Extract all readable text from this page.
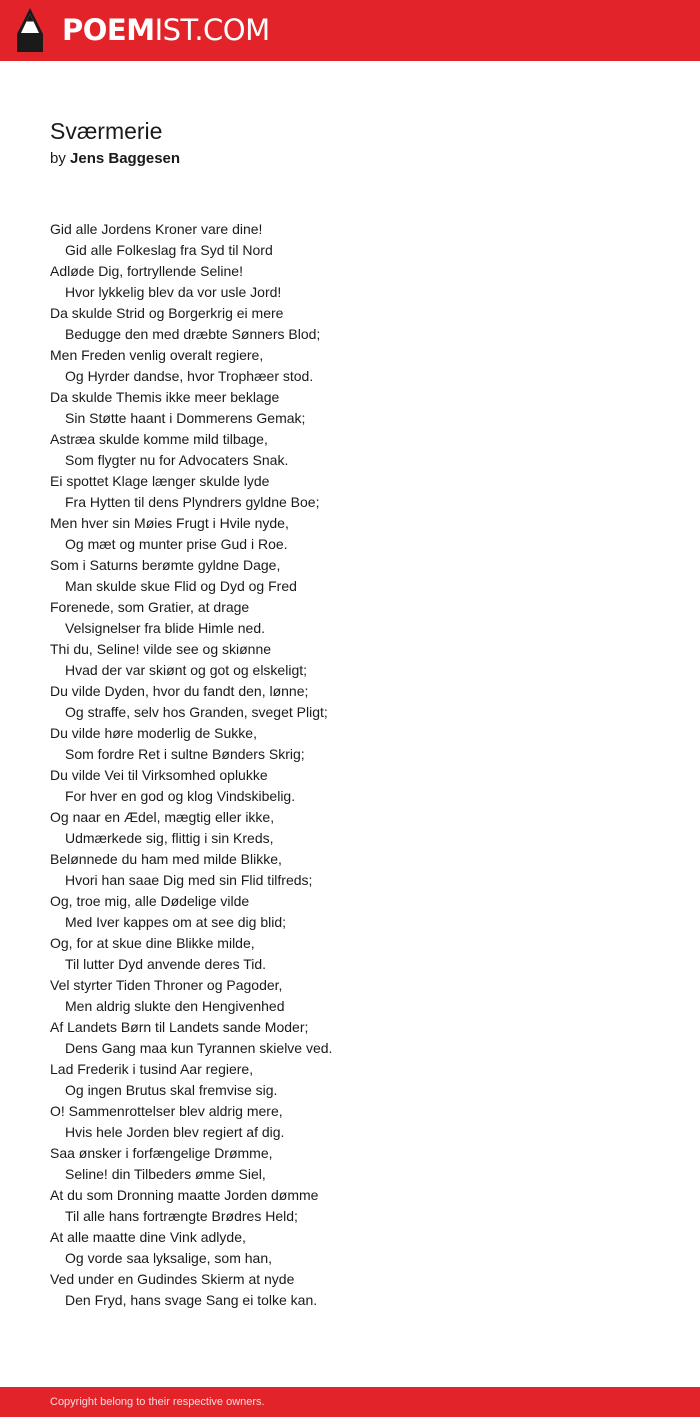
POEMIST.COM
Sværmerie
by Jens Baggesen
Gid alle Jordens Kroner vare dine!
Gid alle Folkeslag fra Syd til Nord
Adløde Dig, fortryllende Seline!
Hvor lykkelig blev da vor usle Jord!
Da skulde Strid og Borgerkrig ei mere
Bedugge den med dræbte Sønners Blod;
Men Freden venlig overalt regiere,
Og Hyrder dandse, hvor Trophæer stod.
Da skulde Themis ikke meer beklage
Sin Støtte haant i Dommerens Gemak;
Astræa skulde komme mild tilbage,
Som flygter nu for Advocaters Snak.
Ei spottet Klage længer skulde lyde
Fra Hytten til dens Plyndrers gyldne Boe;
Men hver sin Møies Frugt i Hvile nyde,
Og mæt og munter prise Gud i Roe.
Som i Saturns berømte gyldne Dage,
Man skulde skue Flid og Dyd og Fred
Forenede, som Gratier, at drage
Velsignelser fra blide Himle ned.
Thi du, Seline! vilde see og skiønne
Hvad der var skiønt og got og elskeligt;
Du vilde Dyden, hvor du fandt den, lønne;
Og straffe, selv hos Granden, sveget Pligt;
Du vilde høre moderlig de Sukke,
Som fordre Ret i sultne Bønders Skrig;
Du vilde Vei til Virksomhed oplukke
For hver en god og klog Vindskibelig.
Og naar en Ædel, mægtig eller ikke,
Udmærkede sig, flittig i sin Kreds,
Belønnede du ham med milde Blikke,
Hvori han saae Dig med sin Flid tilfreds;
Og, troe mig, alle Dødelige vilde
Med Iver kappes om at see dig blid;
Og, for at skue dine Blikke milde,
Til lutter Dyd anvende deres Tid.
Vel styrter Tiden Throner og Pagoder,
Men aldrig slukte den Hengivenhed
Af Landets Børn til Landets sande Moder;
Dens Gang maa kun Tyrannen skielve ved.
Lad Frederik i tusind Aar regiere,
Og ingen Brutus skal fremvise sig.
O! Sammenrottelser blev aldrig mere,
Hvis hele Jorden blev regiert af dig.
Saa ønsker i forfængelige Drømme,
Seline! din Tilbeders ømme Siel,
At du som Dronning maatte Jorden dømme
Til alle hans fortrængte Brødres Held;
At alle maatte dine Vink adlyde,
Og vorde saa lyksalige, som han,
Ved under en Gudindes Skierm at nyde
Den Fryd, hans svage Sang ei tolke kan.
Copyright belong to their respective owners.
